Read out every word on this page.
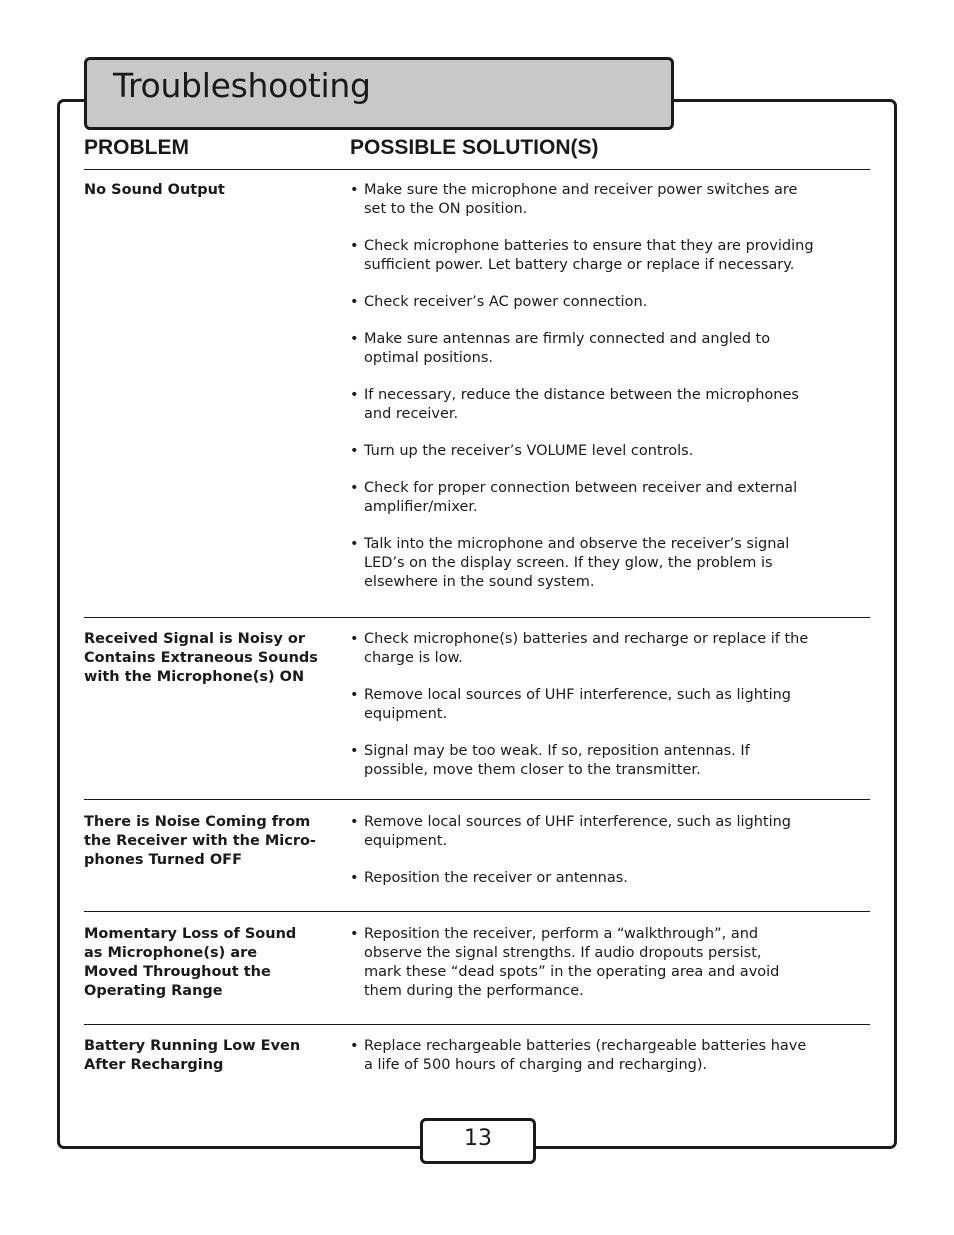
Troubleshooting
PROBLEM	POSSIBLE SOLUTION(S)
No Sound Output
•	Make sure the microphone and receiver power switches are
set to the ON position.
• Check microphone batteries to ensure that they are providing
sufficient power. Let battery charge or replace if necessary.
• Check receiver’s AC power connection.
• Make sure antennas are firmly connected and angled to
optimal positions.
• If necessary, reduce the distance between the microphones
and receiver.
• Turn up the receiver’s VOLUME level controls.
• Check for proper connection between receiver and external
amplifier/mixer.
• Talk into the microphone and observe the receiver’s signal
LED’s on the display screen. If they glow, the problem is
elsewhere in the sound system.
Received Signal is Noisy or
Contains Extraneous Sounds
with the Microphone(s) ON
• Check microphone(s) batteries and recharge or replace if the
charge is low.
• Remove local sources of UHF interference, such as lighting
equipment.
• Signal may be too weak. If so, reposition antennas. If
possible, move them closer to the transmitter.
There is Noise Coming from
the Receiver with the Micro-
phones Turned OFF
• Remove local sources of UHF interference, such as lighting
equipment.
• Reposition the receiver or antennas.
Momentary Loss of Sound
as Microphone(s) are
Moved Throughout the
Operating Range
• Reposition the receiver, perform a “walkthrough”, and
observe the signal strengths. If audio dropouts persist,
mark these “dead spots” in the operating area and avoid
them during the performance.
Battery Running Low Even
After Recharging
• Replace rechargeable batteries (rechargeable batteries have
a life of 500 hours of charging and recharging).
13
